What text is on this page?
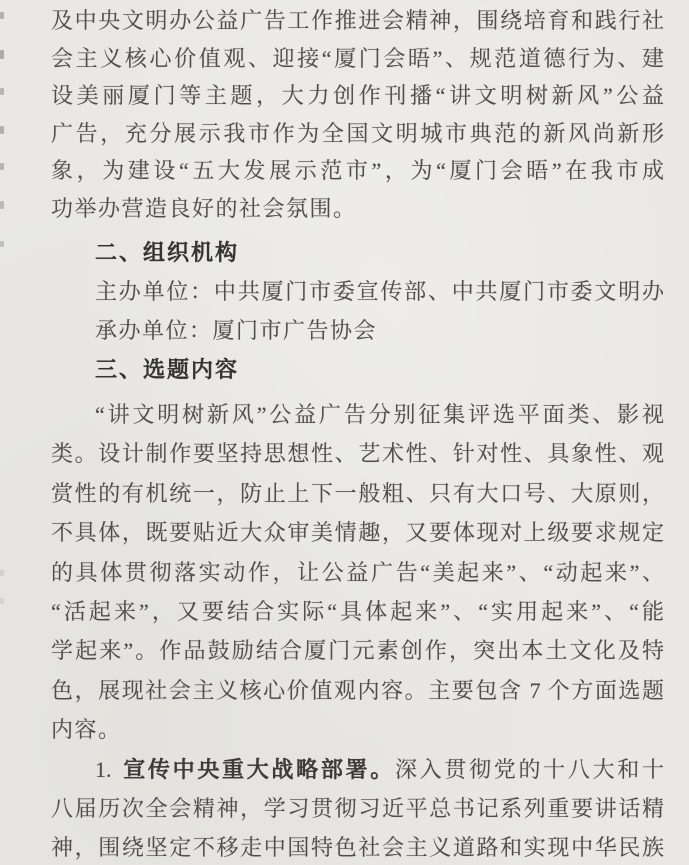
及中央文明办公益广告工作推进会精神，围绕培育和践行社
会主义核心价值观、迎接“厦门会晤”、规范道德行为、建
设美丽厦门等主题，大力创作刊播“讲文明树新风”公益
广告，充分展示我市作为全国文明城市典范的新风尚新形
象，为建设“五大发展示范市”，为“厦门会晤”在我市成
功举办营造良好的社会氛围。
二、组织机构
主办单位：中共厦门市委宣传部、中共厦门市委文明办
承办单位：厦门市广告协会
三、选题内容
“讲文明树新风”公益广告分别征集评选平面类、影视
类。设计制作要坚持思想性、艺术性、针对性、具象性、观
赏性的有机统一，防止上下一般粗、只有大口号、大原则，
不具体，既要贴近大众审美情趣，又要体现对上级要求规定
的具体贯彻落实动作，让公益广告“美起来”、“动起来”、
“活起来”，又要结合实际“具体起来”、“实用起来”、“能
学起来”。作品鼓励结合厦门元素创作，突出本土文化及特
色，展现社会主义核心价值观内容。主要包含 7 个方面选题
内容。
1. 宣传中央重大战略部署。深入贯彻党的十八大和十
八届历次全会精神，学习贯彻习近平总书记系列重要讲话精
神，围绕坚定不移走中国特色社会主义道路和实现中华民族
